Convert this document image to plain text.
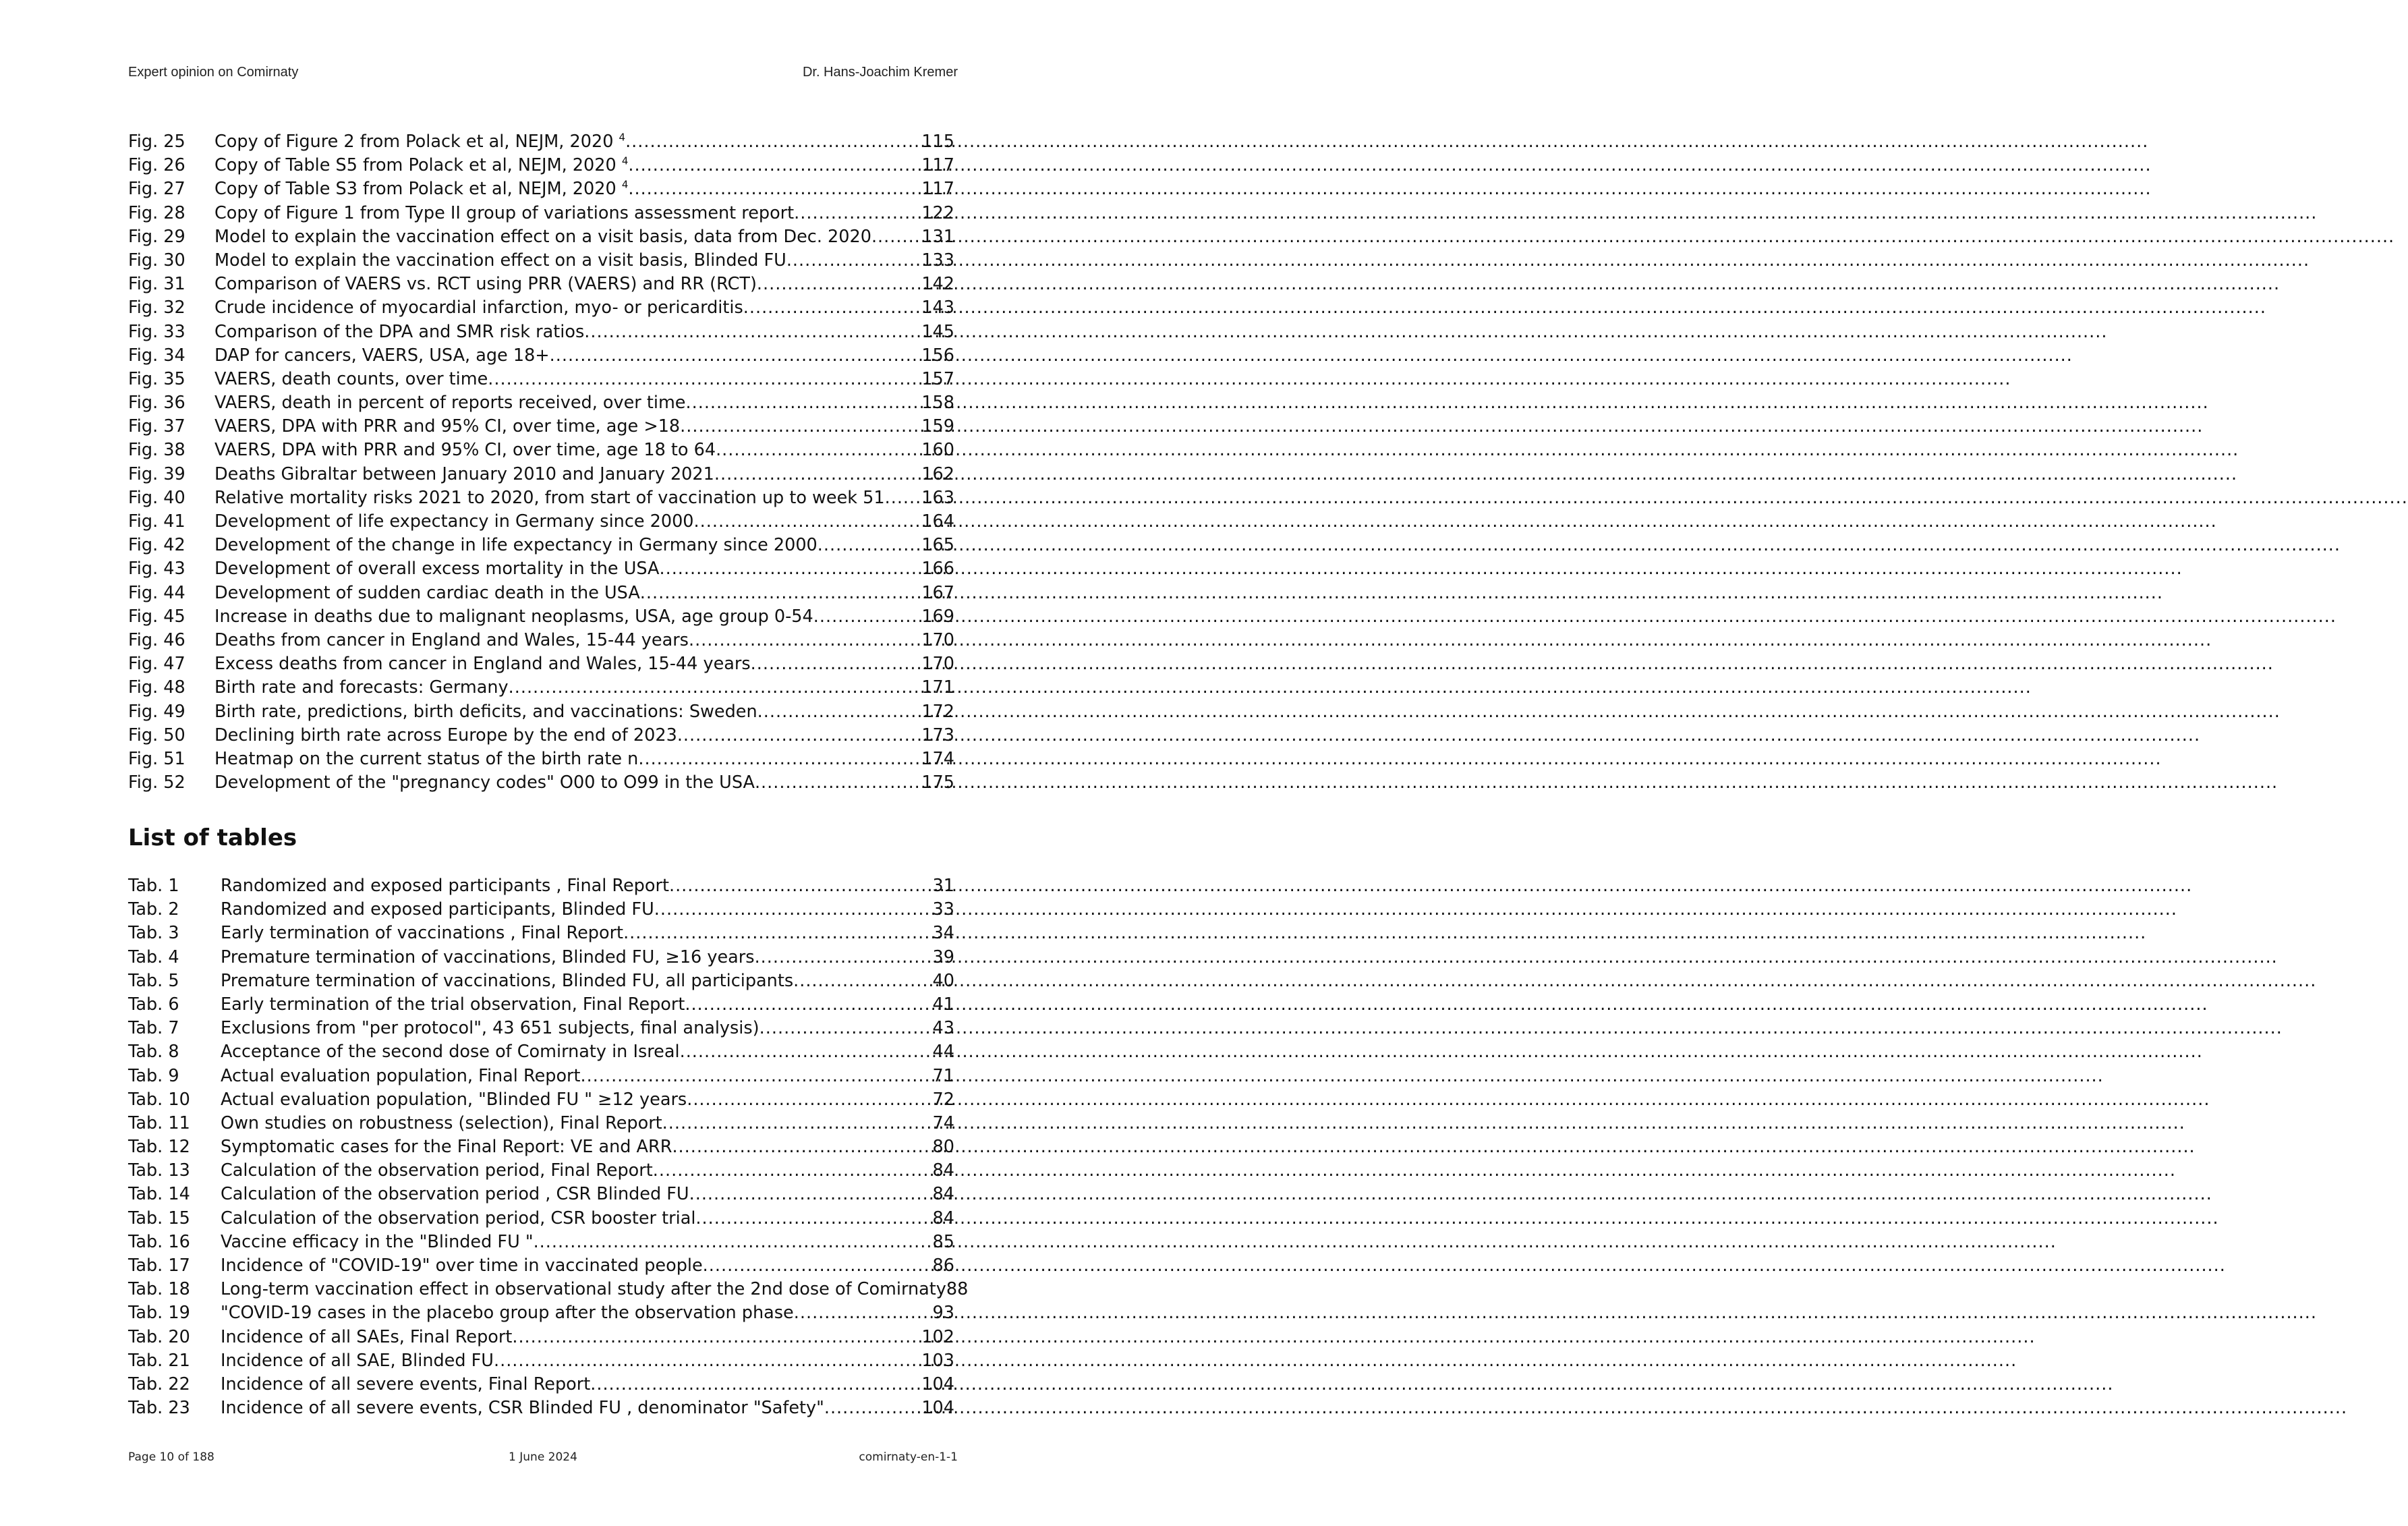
Expert opinion on Comirnaty	Dr. Hans-Joachim Kremer
Fig. 25 Copy of Figure 2 from Polack et al, NEJM, 2020 $^4$ .....	115
Fig. 26 Copy of Table S5 from Polack et al, NEJM, 2020 $^4$ .....	117
Fig. 27 Copy of Table S3 from Polack et al, NEJM, 2020 $^4$ .....	117
Fig. 28 Copy of Figure 1 from Type II group of variations assessment report .....	122
Fig. 29 Model to explain the vaccination effect on a visit basis, data from Dec. 2020 .....	131
Fig. 30 Model to explain the vaccination effect on a visit basis, Blinded FU .....	133
Fig. 31 Comparison of VAERS vs. RCT using PRR (VAERS) and RR (RCT) .....	142
Fig. 32 Crude incidence of myocardial infarction, myo- or pericarditis .....	143
Fig. 33 Comparison of the DPA and SMR risk ratios .....	145
Fig. 34 DAP for cancers, VAERS, USA, age 18+ .....	156
Fig. 35 VAERS, death counts, over time .....	157
Fig. 36 VAERS, death in percent of reports received, over time .....	158
Fig. 37 VAERS, DPA with PRR and 95% CI, over time, age >18 .....	159
Fig. 38 VAERS, DPA with PRR and 95% CI, over time, age 18 to 64 .....	160
Fig. 39 Deaths Gibraltar between January 2010 and January 2021 .....	162
Fig. 40 Relative mortality risks 2021 to 2020, from start of vaccination up to week 51 ..... 163
Fig. 41 Development of life expectancy in Germany since 2000 .....	164
Fig. 42 Development of the change in life expectancy in Germany since 2000 .....	165
Fig. 43 Development of overall excess mortality in the USA .....	166
Fig. 44 Development of sudden cardiac death in the USA .....	167
Fig. 45 Increase in deaths due to malignant neoplasms, USA, age group 0-54 .....	169
Fig. 46 Deaths from cancer in England and Wales, 15-44 years .....	170
Fig. 47 Excess deaths from cancer in England and Wales, 15-44 years .....	170
Fig. 48 Birth rate and forecasts: Germany .....	171
Fig. 49 Birth rate, predictions, birth deficits, and vaccinations: Sweden .....	172
Fig. 50 Declining birth rate across Europe by the end of 2023 .....	173
Fig. 51 Heatmap on the current status of the birth rate n .....	174
Fig. 52 Development of the "pregnancy codes" O00 to O99 in the USA .....	175
List of tables
Tab. 1 Randomized and exposed participants , Final Report .....	31
Tab. 2 Randomized and exposed participants, Blinded FU .....	33
Tab. 3 Early termination of vaccinations , Final Report .....	34
Tab. 4 Premature termination of vaccinations, Blinded FU, ≥16 years .....	39
Tab. 5 Premature termination of vaccinations, Blinded FU, all participants .....	40
Tab. 6 Early termination of the trial observation, Final Report .....	41
Tab. 7 Exclusions from "per protocol", 43 651 subjects, final analysis) .....	43
Tab. 8 Acceptance of the second dose of Comirnaty in Isreal .....	44
Tab. 9 Actual evaluation population, Final Report .....	71
Tab. 10 Actual evaluation population, "Blinded FU " ≥12 years .....	72
Tab. 11 Own studies on robustness (selection), Final Report .....	74
Tab. 12 Symptomatic cases for the Final Report: VE and ARR .....	80
Tab. 13 Calculation of the observation period, Final Report .....	84
Tab. 14 Calculation of the observation period , CSR Blinded FU .....	84
Tab. 15 Calculation of the observation period, CSR booster trial .....	84
Tab. 16 Vaccine efficacy in the "Blinded FU " .....	85
Tab. 17 Incidence of "COVID-19" over time in vaccinated people .....	86
Tab. 18 Long-term vaccination effect in observational study after the 2nd dose of Comirnaty 88
Tab. 19 "COVID-19 cases in the placebo group after the observation phase .....	93
Tab. 20 Incidence of all SAEs, Final Report .....	102
Tab. 21 Incidence of all SAE, Blinded FU .....	103
Tab. 22 Incidence of all severe events, Final Report .....	104
Tab. 23 Incidence of all severe events, CSR Blinded FU , denominator "Safety" .....	104
Page 10 of 188	1 June 2024	comirnaty-en-1-1
